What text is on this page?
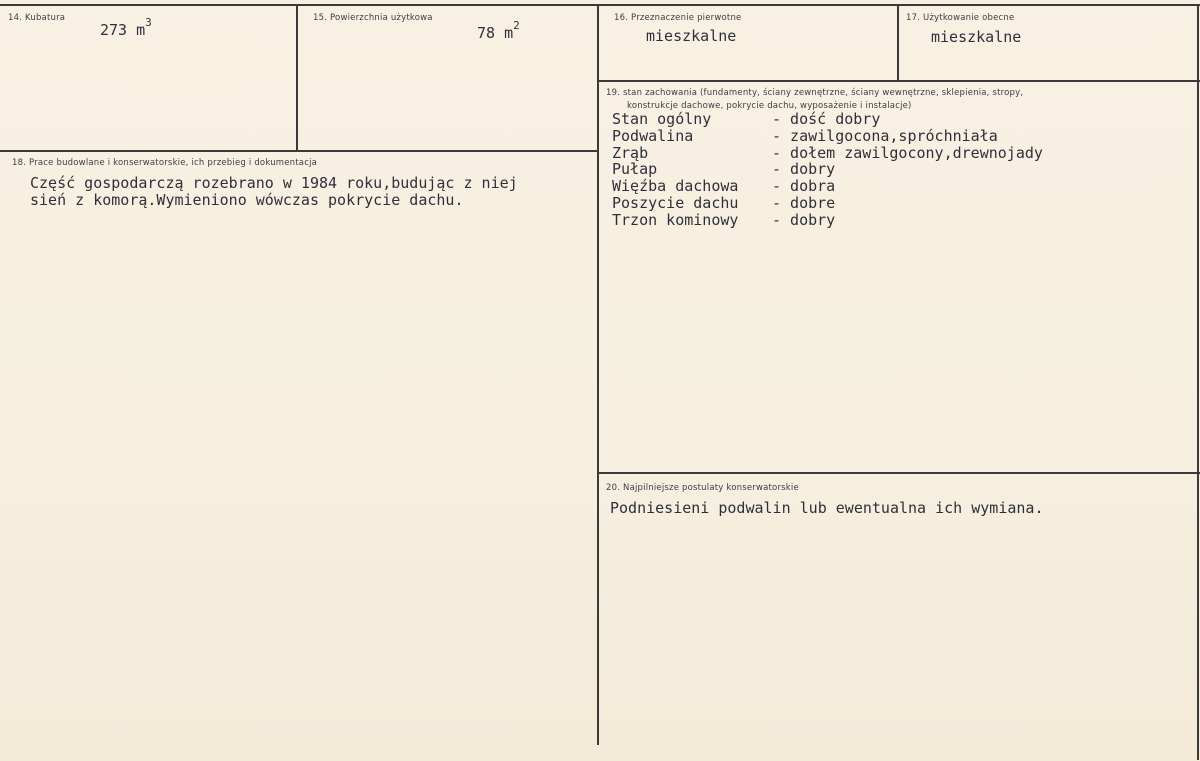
14. Kubatura
273 $m^3$	15. Powierzchnia użytkowa
78 $m^2$
16. Przeznaczenie pierwotne
mieszkalne
17. Użytkowanie obecne
mieszkalne
18. Prace budowlane i konserwatorskie, ich przebieg i dokumentacja
Część gospodarczą rozebrano w 1984 roku,budując z niej
sień z komorą.Wymieniono wówczas pokrycie dachu.
19. stan zachowania (fundamenty, ściany zewnętrzne, ściany wewnętrzne, sklepienia, stropy,
konstrukcje dachowe, pokrycie dachu, wyposażenie i instalacje)
Stan ogólny	- dość dobry
Podwalina	- zawilgocona,spróchniała
Zrąb	- dołem zawilgocony,drewnojady
Pułap	- dobry
Więźba dachowa - dobra
Poszycie dachu - dobre
Trzon kominowy - dobry
20. Najpilniejsze postulaty konserwatorskie
Podniesieni podwalin lub ewentualna ich wymiana.
